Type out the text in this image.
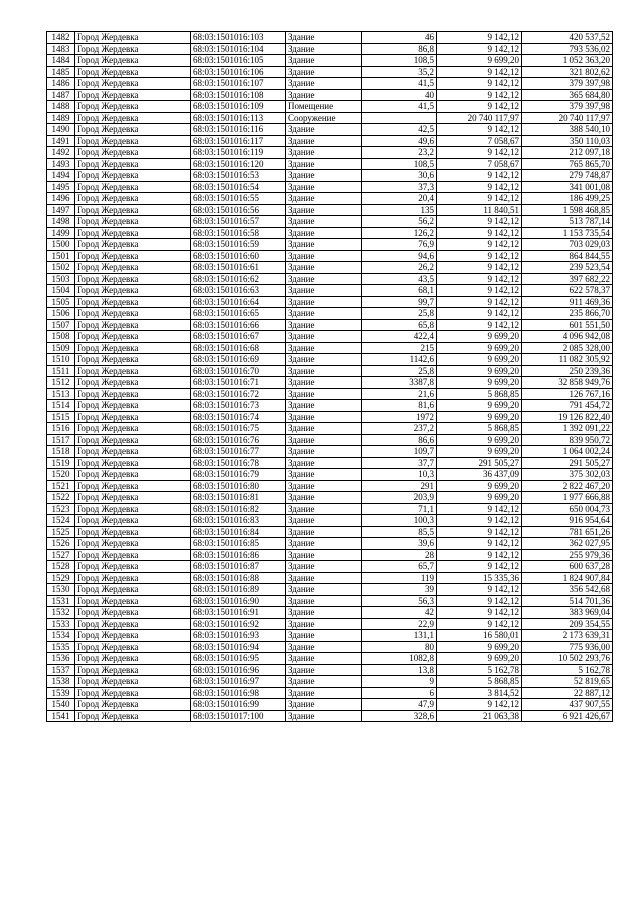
1482	Город Жердевка	68:03:1501016:103	Здание	46	9 142,12	420 537,52
1483	Город Жердевка	68:03:1501016:104	Здание	86,8	9 142,12	793 536,02
1484	Город Жердевка	68:03:1501016:105	Здание	108,5	9 699,20	1 052 363,20
1485	Город Жердевка	68:03:1501016:106	Здание	35,2	9 142,12	321 802,62
1486	Город Жердевка	68:03:1501016:107	Здание	41,5	9 142,12	379 397,98
1487	Город Жердевка	68:03:1501016:108	Здание	40	9 142,12	365 684,80
1488	Город Жердевка	68:03:1501016:109	Помещение	41,5	9 142,12	379 397,98
1489	Город Жердевка	68:03:1501016:113	Сооружение		20 740 117,97	20 740 117,97
1490	Город Жердевка	68:03:1501016:116	Здание	42,5	9 142,12	388 540,10
1491	Город Жердевка	68:03:1501016:117	Здание	49,6	7 058,67	350 110,03
1492	Город Жердевка	68:03:1501016:119	Здание	23,2	9 142,12	212 097,18
1493	Город Жердевка	68:03:1501016:120	Здание	108,5	7 058,67	765 865,70
1494	Город Жердевка	68:03:1501016:53	Здание	30,6	9 142,12	279 748,87
1495	Город Жердевка	68:03:1501016:54	Здание	37,3	9 142,12	341 001,08
1496	Город Жердевка	68:03:1501016:55	Здание	20,4	9 142,12	186 499,25
1497	Город Жердевка	68:03:1501016:56	Здание	135	11 840,51	1 598 468,85
1498	Город Жердевка	68:03:1501016:57	Здание	56,2	9 142,12	513 787,14
1499	Город Жердевка	68:03:1501016:58	Здание	126,2	9 142,12	1 153 735,54
1500	Город Жердевка	68:03:1501016:59	Здание	76,9	9 142,12	703 029,03
1501	Город Жердевка	68:03:1501016:60	Здание	94,6	9 142,12	864 844,55
1502	Город Жердевка	68:03:1501016:61	Здание	26,2	9 142,12	239 523,54
1503	Город Жердевка	68:03:1501016:62	Здание	43,5	9 142,12	397 682,22
1504	Город Жердевка	68:03:1501016:63	Здание	68,1	9 142,12	622 578,37
1505	Город Жердевка	68:03:1501016:64	Здание	99,7	9 142,12	911 469,36
1506	Город Жердевка	68:03:1501016:65	Здание	25,8	9 142,12	235 866,70
1507	Город Жердевка	68:03:1501016:66	Здание	65,8	9 142,12	601 551,50
1508	Город Жердевка	68:03:1501016:67	Здание	422,4	9 699,20	4 096 942,08
1509	Город Жердевка	68:03:1501016:68	Здание	215	9 699,20	2 085 328,00
1510	Город Жердевка	68:03:1501016:69	Здание	1142,6	9 699,20	11 082 305,92
1511	Город Жердевка	68:03:1501016:70	Здание	25,8	9 699,20	250 239,36
1512	Город Жердевка	68:03:1501016:71	Здание	3387,8	9 699,20	32 858 949,76
1513	Город Жердевка	68:03:1501016:72	Здание	21,6	5 868,85	126 767,16
1514	Город Жердевка	68:03:1501016:73	Здание	81,6	9 699,20	791 454,72
1515	Город Жердевка	68:03:1501016:74	Здание	1972	9 699,20	19 126 822,40
1516	Город Жердевка	68:03:1501016:75	Здание	237,2	5 868,85	1 392 091,22
1517	Город Жердевка	68:03:1501016:76	Здание	86,6	9 699,20	839 950,72
1518	Город Жердевка	68:03:1501016:77	Здание	109,7	9 699,20	1 064 002,24
1519	Город Жердевка	68:03:1501016:78	Здание	37,7	291 505,27	291 505,27
1520	Город Жердевка	68:03:1501016:79	Здание	10,3	36 437,09	375 302,03
1521	Город Жердевка	68:03:1501016:80	Здание	291	9 699,20	2 822 467,20
1522	Город Жердевка	68:03:1501016:81	Здание	203,9	9 699,20	1 977 666,88
1523	Город Жердевка	68:03:1501016:82	Здание	71,1	9 142,12	650 004,73
1524	Город Жердевка	68:03:1501016:83	Здание	100,3	9 142,12	916 954,64
1525	Город Жердевка	68:03:1501016:84	Здание	85,5	9 142,12	781 651,26
1526	Город Жердевка	68:03:1501016:85	Здание	39,6	9 142,12	362 027,95
1527	Город Жердевка	68:03:1501016:86	Здание	28	9 142,12	255 979,36
1528	Город Жердевка	68:03:1501016:87	Здание	65,7	9 142,12	600 637,28
1529	Город Жердевка	68:03:1501016:88	Здание	119	15 335,36	1 824 907,84
1530	Город Жердевка	68:03:1501016:89	Здание	39	9 142,12	356 542,68
1531	Город Жердевка	68:03:1501016:90	Здание	56,3	9 142,12	514 701,36
1532	Город Жердевка	68:03:1501016:91	Здание	42	9 142,12	383 969,04
1533	Город Жердевка	68:03:1501016:92	Здание	22,9	9 142,12	209 354,55
1534	Город Жердевка	68:03:1501016:93	Здание	131,1	16 580,01	2 173 639,31
1535	Город Жердевка	68:03:1501016:94	Здание	80	9 699,20	775 936,00
1536	Город Жердевка	68:03:1501016:95	Здание	1082,8	9 699,20	10 502 293,76
1537	Город Жердевка	68:03:1501016:96	Здание	13,8	5 162,78	5 162,78
1538	Город Жердевка	68:03:1501016:97	Здание	9	5 868,85	52 819,65
1539	Город Жердевка	68:03:1501016:98	Здание	6	3 814,52	22 887,12
1540	Город Жердевка	68:03:1501016:99	Здание	47,9	9 142,12	437 907,55
1541	Город Жердевка	68:03:1501017:100	Здание	328,6	21 063,38	6 921 426,67
